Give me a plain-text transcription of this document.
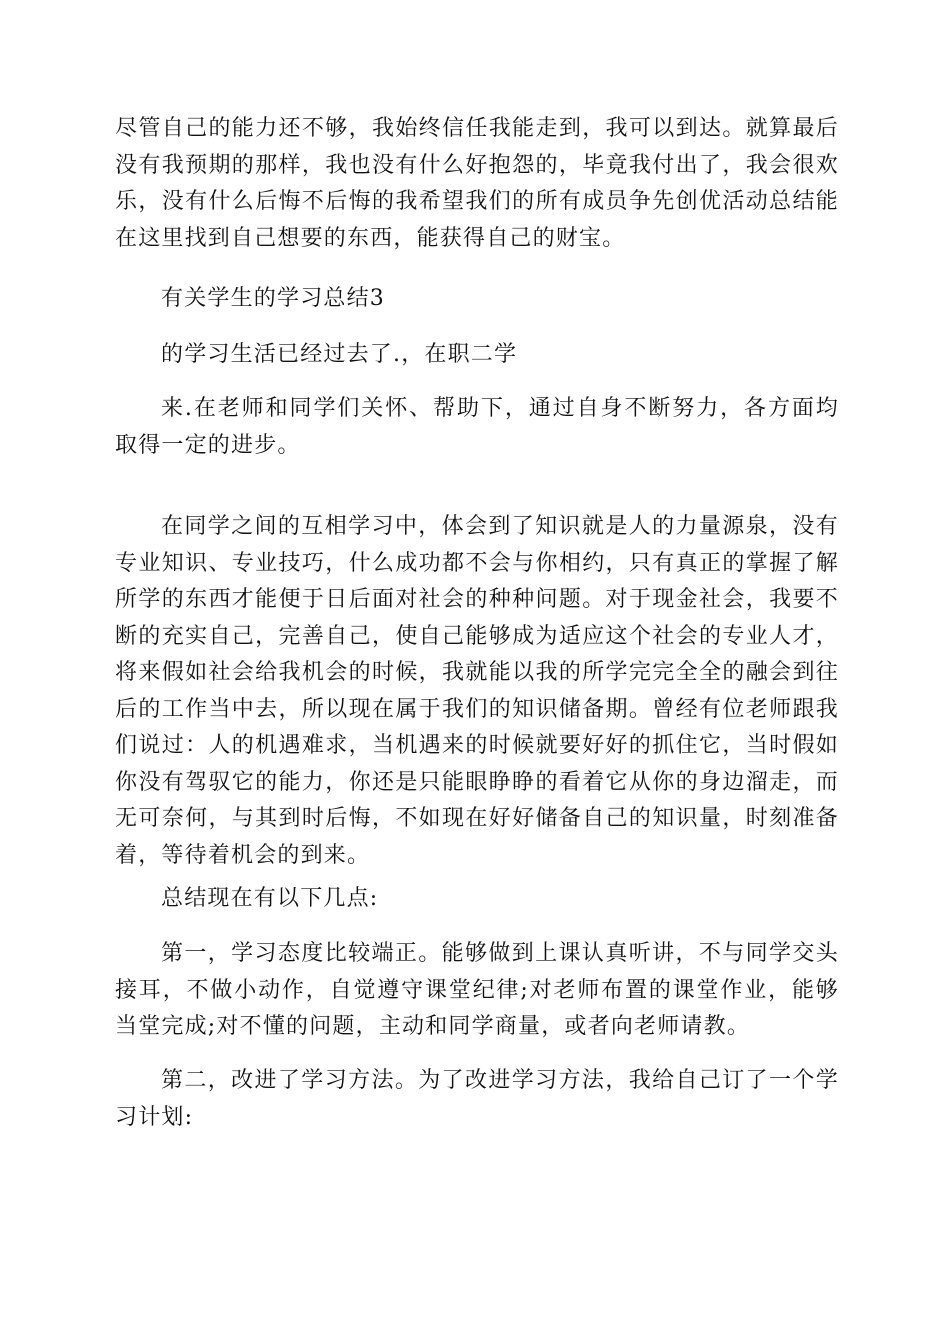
尽管自己的能力还不够，我始终信任我能走到，我可以到达。就算最后没有我预期的那样，我也没有什么好抱怨的，毕竟我付出了，我会很欢乐，没有什么后悔不后悔的我希望我们的所有成员争先创优活动总结能在这里找到自己想要的东西，能获得自己的财宝。

有关学生的学习总结3

的学习生活已经过去了.，在职二学

来.在老师和同学们关怀、帮助下，通过自身不断努力，各方面均取得一定的进步。

在同学之间的互相学习中，体会到了知识就是人的力量源泉，没有专业知识、专业技巧，什么成功都不会与你相约，只有真正的掌握了解所学的东西才能便于日后面对社会的种种问题。对于现金社会，我要不断的充实自己，完善自己，使自己能够成为适应这个社会的专业人才，将来假如社会给我机会的时候，我就能以我的所学完完全全的融会到往后的工作当中去，所以现在属于我们的知识储备期。曾经有位老师跟我们说过：人的机遇难求，当机遇来的时候就要好好的抓住它，当时假如你没有驾驭它的能力，你还是只能眼睁睁的看着它从你的身边溜走，而无可奈何，与其到时后悔，不如现在好好储备自己的知识量，时刻准备着，等待着机会的到来。

总结现在有以下几点:

第一，学习态度比较端正。能够做到上课认真听讲，不与同学交头接耳，不做小动作，自觉遵守课堂纪律;对老师布置的课堂作业，能够当堂完成;对不懂的问题，主动和同学商量，或者向老师请教。

第二，改进了学习方法。为了改进学习方法，我给自己订了一个学习计划:
